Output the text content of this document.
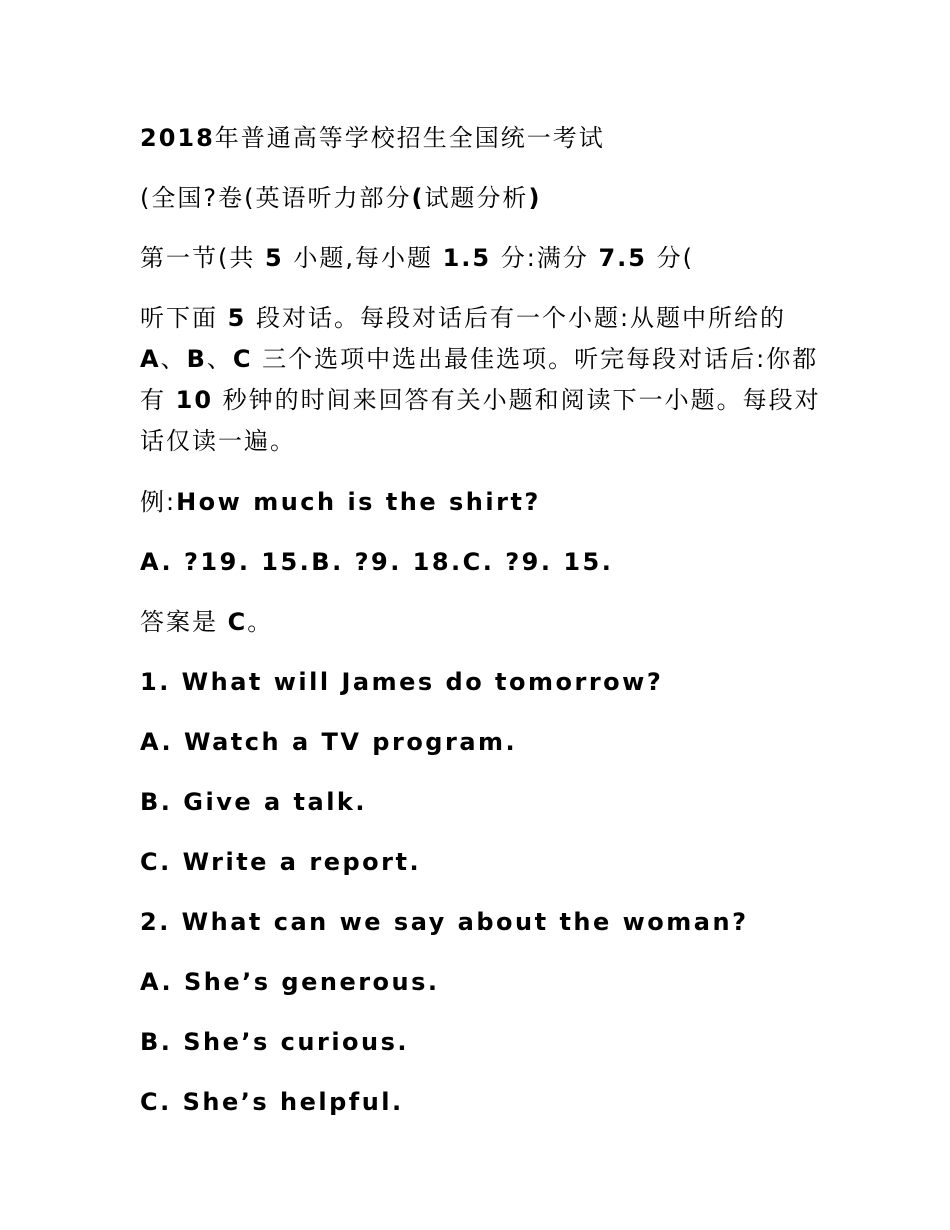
2018年普通高等学校招生全国统一考试
(全国?卷(英语听力部分(试题分析)
第一节(共 5 小题,每小题 1.5 分:满分 7.5 分(
听下面 5 段对话。每段对话后有一个小题:从题中所给的 A、B、C 三个选项中选出最佳选项。听完每段对话后:你都有 10 秒钟的时间来回答有关小题和阅读下一小题。每段对话仅读一遍。
例:How much is the shirt?
A. ?19. 15.B. ?9. 18.C. ?9. 15.
答案是 C。
1. What will James do tomorrow?
A. Watch a TV program.
B. Give a talk.
C. Write a report.
2. What can we say about the woman?
A. She’s generous.
B. She’s curious.
C. She’s helpful.
